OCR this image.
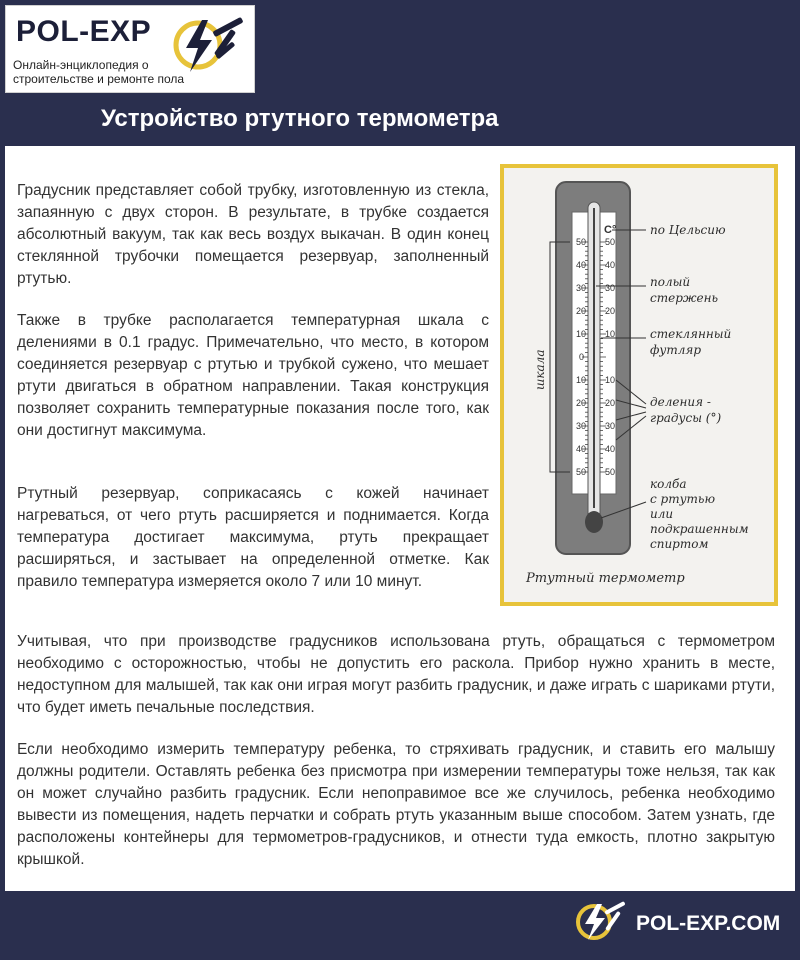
POL-EXP
Онлайн-энциклопедия о строительстве и ремонте пола
Устройство ртутного термометра

Градусник представляет собой трубку, изготовленную из стекла, запаянную с двух сторон. В результате, в трубке создается абсолютный вакуум, так как весь воздух выкачан. В один конец стеклянной трубочки помещается резервуар, заполненный ртутью.

Также в трубке располагается температурная шкала с делениями в 0.1 градус. Примечательно, что место, в котором соединяется резервуар с ртутью и трубкой сужено, что мешает ртути двигаться в обратном направлении. Такая конструкция позволяет сохранить температурные показания после того, как они достигнут максимума.

Ртутный резервуар, соприкасаясь с кожей начинает нагреваться, от чего ртуть расширяется и поднимается. Когда температура достигает максимума, ртуть прекращает расширяться, и застывает на определенной отметке. Как правило температура измеряется около 7 или 10 минут.

Учитывая, что при производстве градусников использована ртуть, обращаться с термометром необходимо с осторожностью, чтобы не допустить его раскола. Прибор нужно хранить в месте, недоступном для малышей, так как они играя могут разбить градусник, и даже играть с шариками ртути, что будет иметь печальные последствия.

Если необходимо измерить температуру ребенка, то стряхивать градусник, и ставить его малышу должны родители. Оставлять ребенка без присмотра при измерении температуры тоже нельзя, так как он может случайно разбить градусник. Если непоправимое все же случилось, ребенка необходимо вывести из помещения, надеть перчатки и собрать ртуть указанным выше способом. Затем узнать, где расположены контейнеры для термометров-градусников, и отнести туда емкость, плотно закрытую крышкой.

C°
50 50
40 40
30 30
20 20
10 10
0
10 10
20 20
30 30
40 40
50 50
шкала
по Цельсию
полый
стержень
стеклянный
футляр
деления -
градусы (°)
колба
с ртутью
или
подкрашенным
спиртом
Ртутный термометр
POL-EXP.COM
